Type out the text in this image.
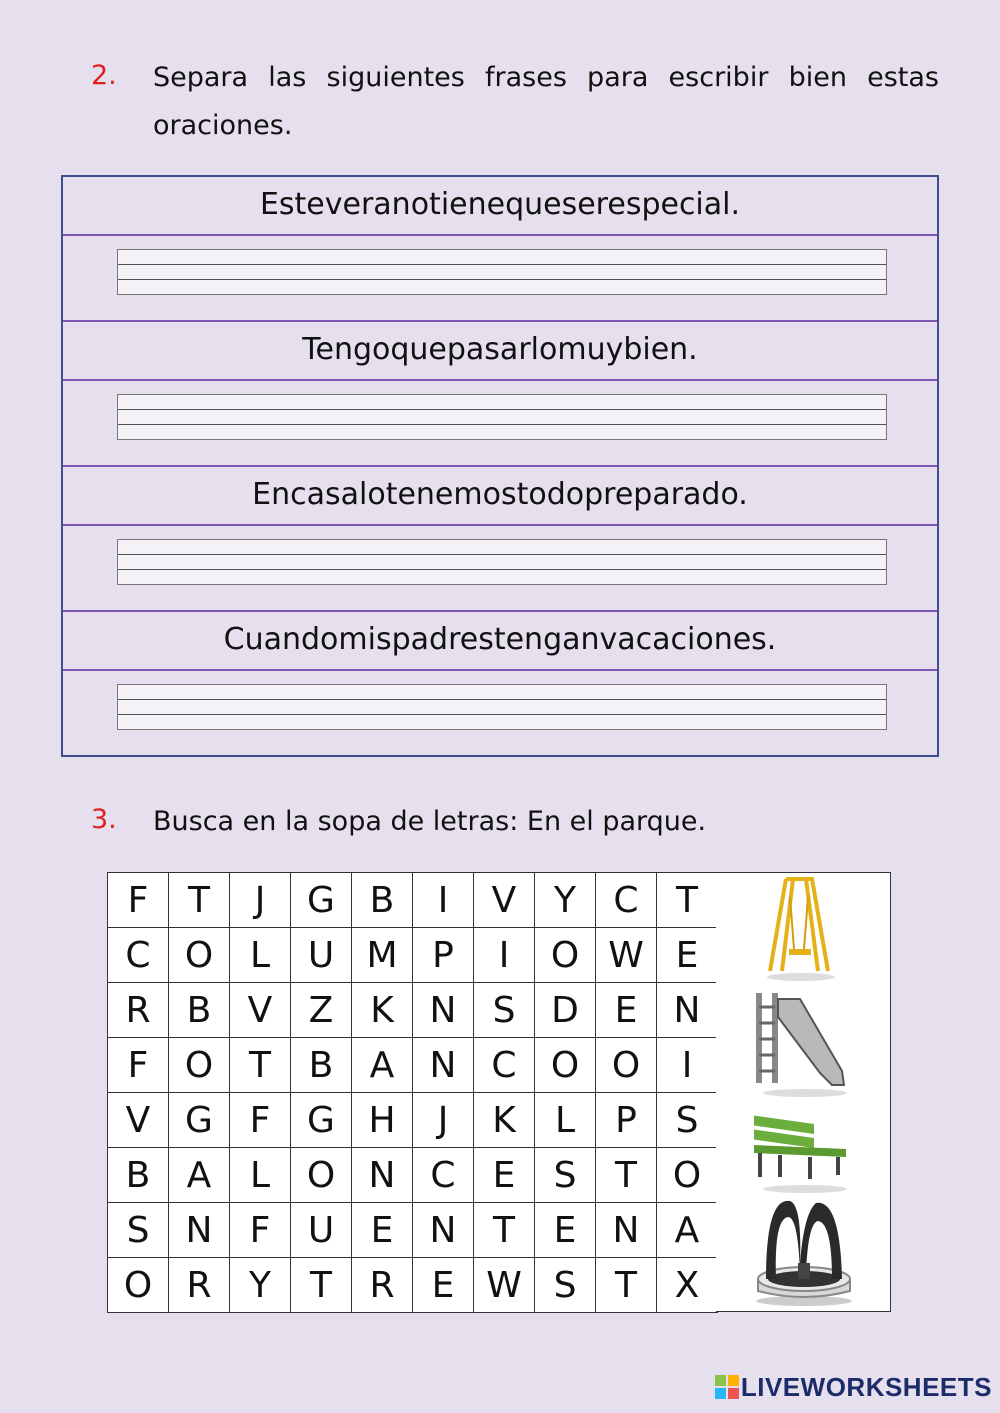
2. Separa las siguientes frases para escribir bien estas oraciones.
Esteveranotienequeserespecial.
Tengoquepasarlomuybien.
Encasalotenemostodopreparado.
Cuandomispadrestenganvacaciones.
3. Busca en la sopa de letras: En el parque.
F	T	J	G	B	I	V	Y	C	T
C	O	L	U	M	P	I	O	W	E
R	B	V	Z	K	N	S	D	E	N
F	O	T	B	A	N	C	O	O	I
V	G	F	G	H	J	K	L	P	S
B	A	L	O	N	C	E	S	T	O
S	N	F	U	E	N	T	E	N	A
O	R	Y	T	R	E	W	S	T	X
LIVEWORKSHEETS
